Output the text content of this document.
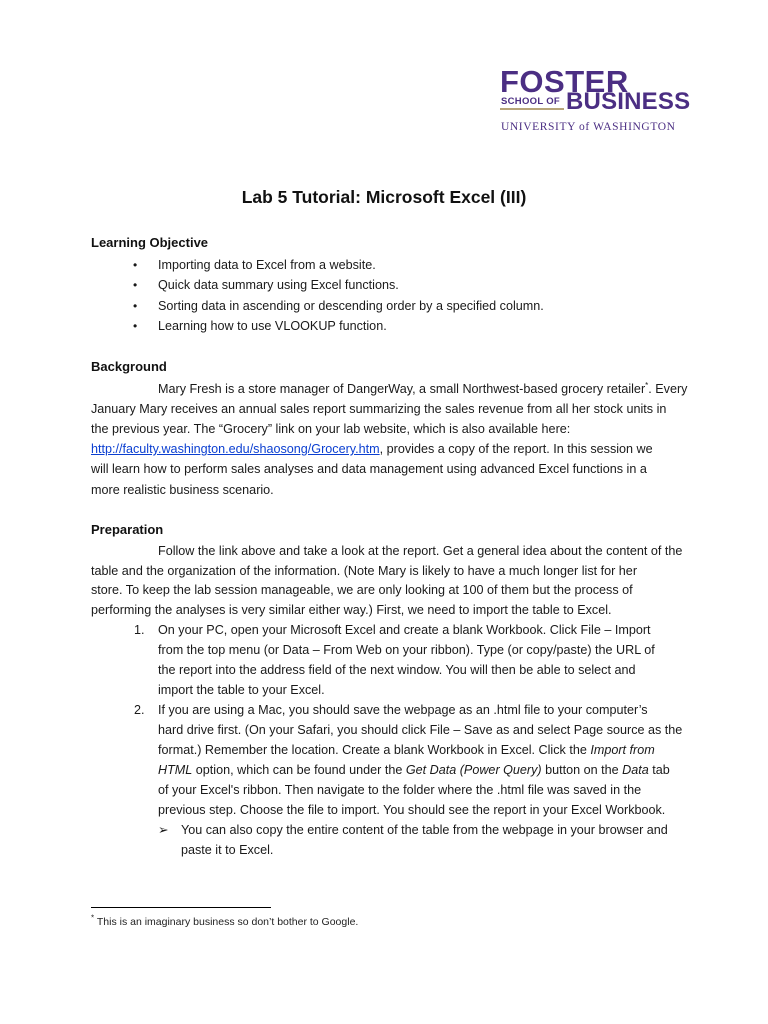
FOSTER
SCHOOL OF BUSINESS
UNIVERSITY of WASHINGTON
Lab 5 Tutorial: Microsoft Excel (III)
Learning Objective
• Importing data to Excel from a website.
• Quick data summary using Excel functions.
• Sorting data in ascending or descending order by a specified column.
• Learning how to use VLOOKUP function.
Background
Mary Fresh is a store manager of DangerWay, a small Northwest-based grocery retailer*. Every
January Mary receives an annual sales report summarizing the sales revenue from all her stock units in
the previous year. The “Grocery” link on your lab website, which is also available here:
http://faculty.washington.edu/shaosong/Grocery.htm, provides a copy of the report. In this session we
will learn how to perform sales analyses and data management using advanced Excel functions in a
more realistic business scenario.
Preparation
Follow the link above and take a look at the report. Get a general idea about the content of the
table and the organization of the information. (Note Mary is likely to have a much longer list for her
store. To keep the lab session manageable, we are only looking at 100 of them but the process of
performing the analyses is very similar either way.) First, we need to import the table to Excel.
1. On your PC, open your Microsoft Excel and create a blank Workbook. Click File – Import
from the top menu (or Data – From Web on your ribbon). Type (or copy/paste) the URL of
the report into the address field of the next window. You will then be able to select and
import the table to your Excel.
2. If you are using a Mac, you should save the webpage as an .html file to your computer’s
hard drive first. (On your Safari, you should click File – Save as and select Page source as the
format.) Remember the location. Create a blank Workbook in Excel. Click the Import from
HTML option, which can be found under the Get Data (Power Query) button on the Data tab
of your Excel's ribbon. Then navigate to the folder where the .html file was saved in the
previous step. Choose the file to import. You should see the report in your Excel Workbook.
➢ You can also copy the entire content of the table from the webpage in your browser and
paste it to Excel.
* This is an imaginary business so don’t bother to Google.
